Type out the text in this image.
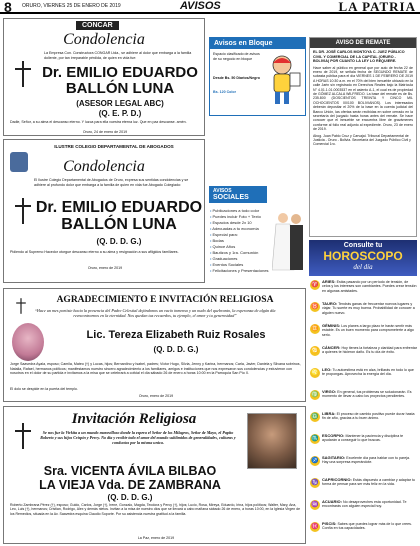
8 ORURO, VIERNES 25 DE ENERO DE 2019	AVISOS	LA PATRIA
CONCAR
Condolencia
La Empresa Con. Constructora CONGAR Ltda., se adhiere al dolor que embarga a la familia doliente, por tan irreparable pérdida, de quien en vida fue:
Dr. EMILIO EDUARDO
BALLÓN LUNA
(ASESOR LEGAL ABC)
(Q. E. P. D.)
Dadle, Señor, a su alma el descanso eterno. Y luzca para ella vuestra eterna luz. Que en paz descanse. amén.
Oruro, 24 de enero de 2019
Avisos en Bloque
Espacio clasificado de avisos de su negocio en bloque
Desde Bs. 50 Diarios/Negro
Bs. 120 Color
ILUSTRE COLEGIO DEPARTAMENTAL DE ABOGADOS
Condolencia
El Ilustre Colegio Departamental de Abogados de Oruro, expresa sus sentidas condolencias y se adhiere al profundo dolor que embarga a la familia de quien en vida fue Abogado Colegiado:
Dr. EMILIO EDUARDO
BALLÓN LUNA
(Q. D. D. G.)
Pidiendo al Supremo Hacedor otorgue descanso eterno a su alma y resignación a sus afligidos familiares.
Oruro, enero de 2019
AVISOS
SOCIALES
• Publicaciones a todo color
• Puedes incluir Foto + Texto
• Espacios desde 2x 10
• Adecuadas a tu economía
• Especial para:
• Bodas
• Quince Años
• Bautizos y 1ra. Comunión
• Graduaciones
• Eventos Sociales
• Felicitaciones y Presentaciones
AGRADECIMIENTO E INVITACIÓN RELIGIOSA
“Hace un mes partiste hacia la presencia del Padre Celestial dejándonos un vacío inmenso y un nudo del quebranto, la esperanza de algún día reencontrarnos en la eternidad. Nos quedan tus recuerdos, tu ejemplo, el amor y tu generosidad”
Lic. Tereza Elizabeth Ruiz Rosales
(Q. D. D. G.)
Jorge Saavedra Ayala, esposo; Camila, Mateo (†) y Lucas, hijos; Bernardino y Isabel, padres; Víctor Hugo, Silvia, Jenny y Karina, hermanos; Carla, Javier, Daniela y Silvana sobrinos, Natalia, Rafael, hermanos políticos; manifestamos nuestro sincero agradecimiento a los familiares, amigos e instituciones que nos expresaron sus condolencias y estuvieron con nosotros en el dolor de su partida e invitamos a la misa que se celebrará a cofcial el día sábado 26 de enero a horas 10:00 en la Parroquia San Pío X.
El dolo se despide en la puerta del templo.
Oruro, enero de 2019
Invitación Religiosa
Se nos fue la Virkita a un mundo maravilloso donde la espera el Señor de los Milagros, Señor de Mayo, el Papito Roberto y sus hijos Crispín y Percy. No dia y recibir todo el amor del mundo sublimidos de generalidades, culturas y conductas por la misma unica.
Sra. VICENTA ÁVILA BILBAO
LA VIEJA Vda. DE ZAMBRANA
(Q. D. D. G.)
Roberto Zambrana Pérez (†), esposo; Guido, Carlos, Jorge (†), Irene, Gonzalo, Magda, Teodora y Percy (†), hijos; Lucio, Rosa, Mireya, Eduardo, Irina, hijos políticos; Walter, Mary, Ana, Leo, Luis (†), hermanos; Cristian, Rodrigo, Alex y demás nietos. Invitan a la misa de nuestro dios que se llevará a cabo mañana sábado 26 de enero, a horas 10:00, en la Iglesia Virgen de los Remedios, situada en la Av. Saavedra esquina Claudio Soporte. Por su asistencia nuestra gratitud a la familia.
La Paz, enero de 2019
AVISO DE REMATE
EL DR. JOSÉ CARLOS MONTOYA C. JUEZ PÚBLICO CIVIL Y COMERCIAL DE LA CAPITAL (ORURO - BOLIVIA) POR CUANTO LA LEY LO REQUIERE.
Hace saber al público en general que por auto de fecha 22 de enero de 2019, se señala fecha de SEGUNDO REMATE de subasta pública para el día VIERNES 1 DE FEBRERO DE 2019 A HORAS 10:30 a.m. en el 70% del bien inmueble ubicado en la calle Jaén s/n registrado en Derechos Reales bajo la Matrícula N° 4.01.1.01.0003537 en el asiento A-1, el cual es de propiedad de GÓMEZ ALCALA WILFREDO. La base del remate es de Bs. 235.800 (DOSCIENTOS TREINTA Y CINCO MIL OCHOCIENTOS 00/100 BOLIVIANOS). Los interesados deberán depositar el 20% de la base en la cuenta judicial del Banco Unión, las ofertas serán recibidas en sobre cerrado en la secretaría del juzgado hasta horas antes del remate. Se hace conocer que el inmueble se encuentra libre de gravámenes conforme al folio real adjunto al expediente. Oruro, 23 de enero de 2019.
Abog. Juan Pablo Cruz y Carvajal. Tribunal Departamental de Justicia - Oruro - Bolivia. Secretaría del Juzgado Público Civil y Comercial 1ro.
Consulte tu
HOROSCOPO
del día
♈
ARIES: Estás pasando por un período de tensión, de celos y los intereses son cambiantes. Puedes crear tensión en algunas amistades.
♉
TAURO: Tendrás ganas de frecuentar nuevos lugares y viajar. Tu suerte es muy buena. Probabilidad de conocer a alguien nuevo.
♊
GÉMINIS: Los planes a largo plazo te harán sentir más estable. Es un buen momento para comprometerte a algo serio.
♋
CÁNCER: Hoy tienes la fortaleza y claridad para enfrentar a quienes te hicieron daño. Es tu día de éxito.
♌
LEO: Tu autoestima está en alza, brillarás en todo lo que te propongas. Aprovecha la energía del día.
♍
VIRGO: En general, tus problemas se solucionarán. Es momento de llevar a cabo los proyectos pendientes.
♎
LIBRA: El proceso de cambio positivo puede durar hasta fin de año, gracias a tu buen ánimo.
♏
ESCORPIO: Mantener la paciencia y disciplina te ayudarán a conseguir lo que buscas.
♐
SAGITARIO: Excelente día para hablar con tu pareja. Hay una sorpresa esperándote.
♑
CAPRICORNIO: Estás dispuesto a cambiar y adaptar tu forma de pensar para ser más feliz en la vida.
♒
ACUARIO: No desaproveches esta oportunidad. Te encontrarás con alguien especial hoy.
♓
PISCIS: Sabes que puedes lograr más de lo que crees. Confía en tus capacidades.
